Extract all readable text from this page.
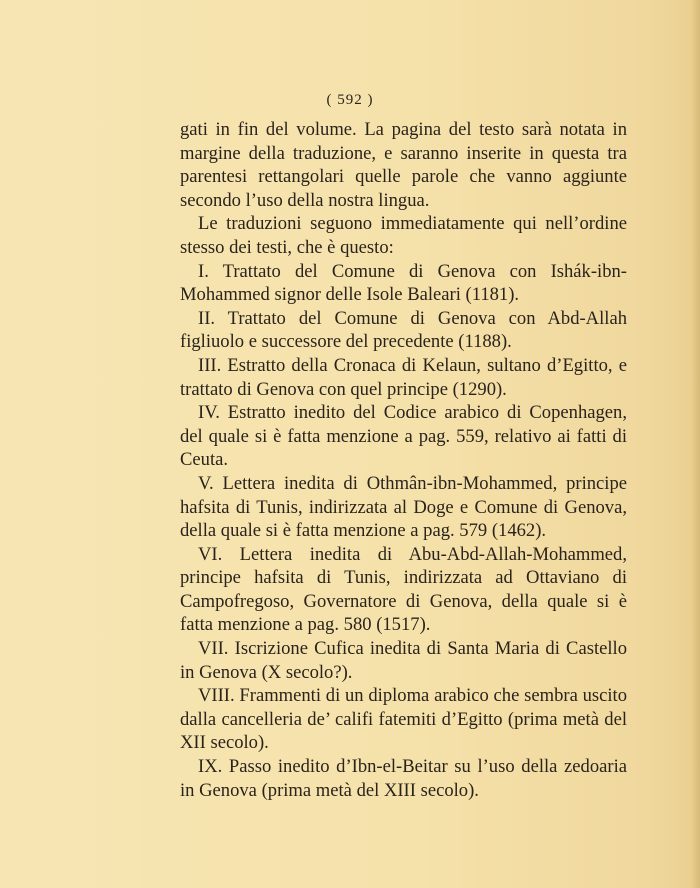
( 592 )

gati in fin del volume. La pagina del testo sarà notata in margine della traduzione, e saranno inserite in questa tra parentesi rettangolari quelle parole che vanno aggiunte secondo l’uso della nostra lingua.

Le traduzioni seguono immediatamente qui nell’ordine stesso dei testi, che è questo:

I. Trattato del Comune di Genova con Ishák-ibn-Mohammed signor delle Isole Baleari (1181).

II. Trattato del Comune di Genova con Abd-Allah figliuolo e successore del precedente (1188).

III. Estratto della Cronaca di Kelaun, sultano d’Egitto, e trattato di Genova con quel principe (1290).

IV. Estratto inedito del Codice arabico di Copenhagen, del quale si è fatta menzione a pag. 559, relativo ai fatti di Ceuta.

V. Lettera inedita di Othmân-ibn-Mohammed, principe hafsita di Tunis, indirizzata al Doge e Comune di Genova, della quale si è fatta menzione a pag. 579 (1462).

VI. Lettera inedita di Abu-Abd-Allah-Mohammed, principe hafsita di Tunis, indirizzata ad Ottaviano di Campofregoso, Governatore di Genova, della quale si è fatta menzione a pag. 580 (1517).

VII. Iscrizione Cufica inedita di Santa Maria di Castello in Genova (X secolo?).

VIII. Frammenti di un diploma arabico che sembra uscito dalla cancelleria de’ califi fatemiti d’Egitto (prima metà del XII secolo).

IX. Passo inedito d’Ibn-el-Beitar su l’uso della zedoaria in Genova (prima metà del XIII secolo).
